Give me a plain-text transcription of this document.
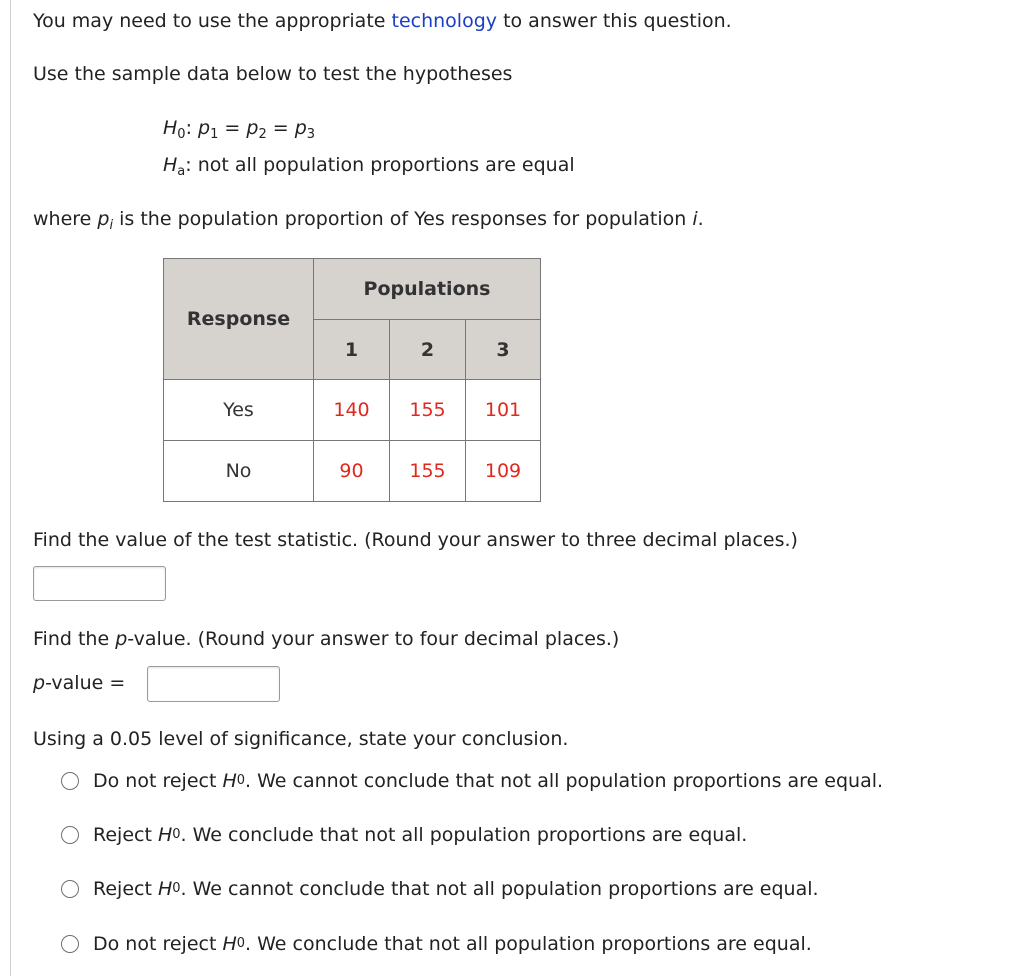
You may need to use the appropriate technology to answer this question.
Use the sample data below to test the hypotheses
$H_0$: $p_1 = p_2 = p_3$
$H_a$: not all population proportions are equal
where $p_i$ is the population proportion of Yes responses for population i.
Response	Populations		
	1	2	3
Yes	140	155	101
No	90	155	109
Find the value of the test statistic. (Round your answer to three decimal places.)
Find the p-value. (Round your answer to four decimal places.)
p-value =
Using a 0.05 level of significance, state your conclusion.
Do not reject
H 0 . We cannot conclude that not all population proportions are equal.
Reject
H 0 . We conclude that not all population proportions are equal.
Reject
H 0 . We cannot conclude that not all population proportions are equal.
Do not reject
H 0 . We conclude that not all population proportions are equal.
